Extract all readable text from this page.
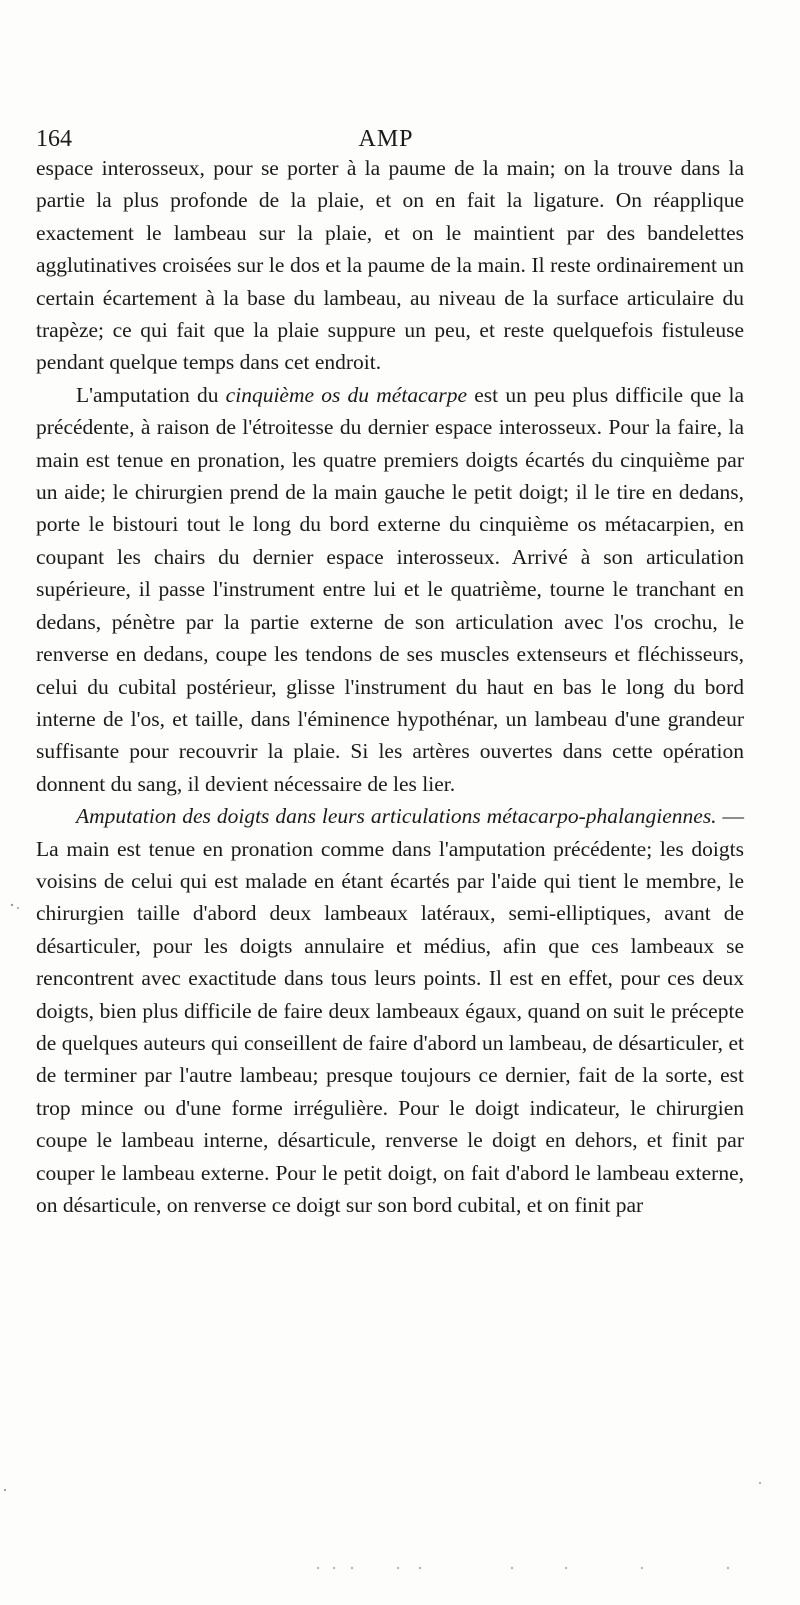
164	AMP

espace interosseux, pour se porter à la paume de la main; on la trouve dans la partie la plus profonde de la plaie, et on en fait la ligature. On réapplique exactement le lambeau sur la plaie, et on le maintient par des bandelettes agglutinatives croisées sur le dos et la paume de la main. Il reste ordinairement un certain écartement à la base du lambeau, au niveau de la surface articulaire du trapèze; ce qui fait que la plaie suppure un peu, et reste quelquefois fistuleuse pendant quelque temps dans cet endroit.

L'amputation du cinquième os du métacarpe est un peu plus difficile que la précédente, à raison de l'étroitesse du dernier espace interosseux. Pour la faire, la main est tenue en pronation, les quatre premiers doigts écartés du cinquième par un aide; le chirurgien prend de la main gauche le petit doigt; il le tire en dedans, porte le bistouri tout le long du bord externe du cinquième os métacarpien, en coupant les chairs du dernier espace interosseux. Arrivé à son articulation supérieure, il passe l'instrument entre lui et le quatrième, tourne le tranchant en dedans, pénètre par la partie externe de son articulation avec l'os crochu, le renverse en dedans, coupe les tendons de ses muscles extenseurs et fléchisseurs, celui du cubital postérieur, glisse l'instrument du haut en bas le long du bord interne de l'os, et taille, dans l'éminence hypothénar, un lambeau d'une grandeur suffisante pour recouvrir la plaie. Si les artères ouvertes dans cette opération donnent du sang, il devient nécessaire de les lier.

Amputation des doigts dans leurs articulations métacarpo-phalangiennes. — La main est tenue en pronation comme dans l'amputation précédente; les doigts voisins de celui qui est malade en étant écartés par l'aide qui tient le membre, le chirurgien taille d'abord deux lambeaux latéraux, semi-elliptiques, avant de désarticuler, pour les doigts annulaire et médius, afin que ces lambeaux se rencontrent avec exactitude dans tous leurs points. Il est en effet, pour ces deux doigts, bien plus difficile de faire deux lambeaux égaux, quand on suit le précepte de quelques auteurs qui conseillent de faire d'abord un lambeau, de désarticuler, et de terminer par l'autre lambeau; presque toujours ce dernier, fait de la sorte, est trop mince ou d'une forme irrégulière. Pour le doigt indicateur, le chirurgien coupe le lambeau interne, désarticule, renverse le doigt en dehors, et finit par couper le lambeau externe. Pour le petit doigt, on fait d'abord le lambeau externe, on désarticule, on renverse ce doigt sur son bord cubital, et on finit par
